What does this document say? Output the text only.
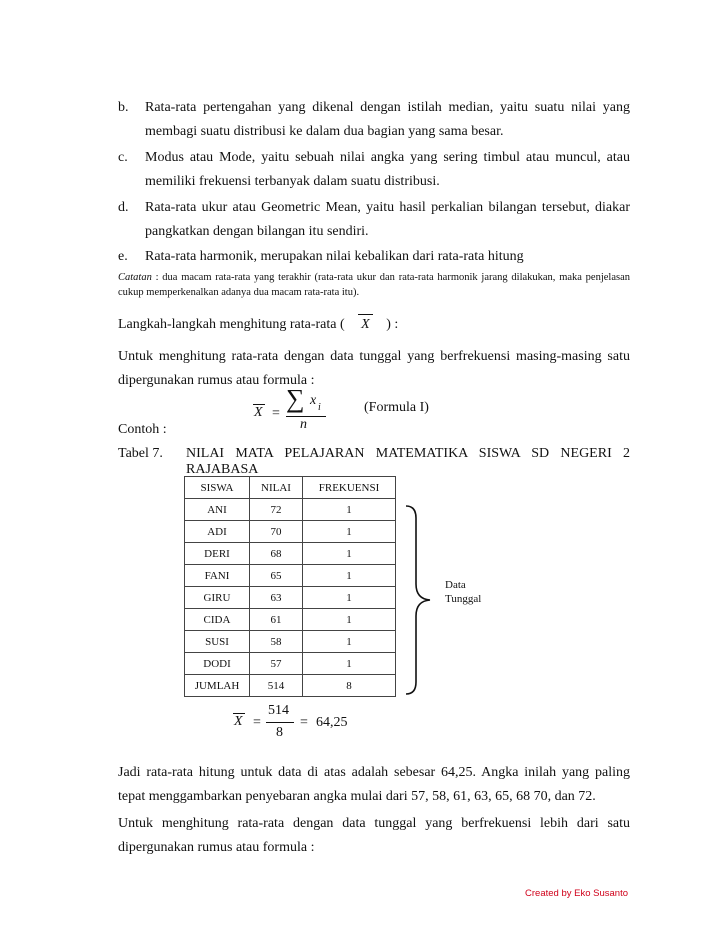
b.	Rata-rata pertengahan yang dikenal dengan istilah median, yaitu suatu nilai yang membagi suatu distribusi ke dalam dua bagian yang sama besar.
c.	Modus atau Mode, yaitu sebuah nilai angka yang sering timbul atau muncul, atau memiliki frekuensi terbanyak dalam suatu distribusi.
d.	Rata-rata ukur atau Geometric Mean, yaitu hasil perkalian bilangan tersebut, diakar pangkatkan dengan bilangan itu sendiri.
e.	Rata-rata harmonik, merupakan nilai kebalikan dari rata-rata hitung
Catatan : dua macam rata-rata yang terakhir (rata-rata ukur dan rata-rata harmonik jarang dilakukan, maka penjelasan cukup memperkenalkan adanya dua macam rata-rata itu).
Langkah-langkah menghitung rata-rata ( X ) :
Untuk menghitung rata-rata dengan data tunggal yang berfrekuensi masing-masing satu dipergunakan rumus atau formula :
X =
∑ x i
n
(Formula I)
Contoh :
Tabel 7. NILAI MATA PELAJARAN MATEMATIKA SISWA SD NEGERI 2
RAJABASA
SISWA	NILAI	FREKUENSI
ANI	72	1
ADI	70	1
DERI	68	1
FANI	65	1
GIRU	63	1
CIDA	61	1
SUSI	58	1
DODI	57	1
JUMLAH	514	8
Data
Tunggal
X =
514
8
= 64,25
Jadi rata-rata hitung untuk data di atas adalah sebesar 64,25. Angka inilah yang paling tepat menggambarkan penyebaran angka mulai dari 57, 58, 61, 63, 65, 68 70, dan 72.
Untuk menghitung rata-rata dengan data tunggal yang berfrekuensi lebih dari satu dipergunakan rumus atau formula :
Created by Eko Susanto
